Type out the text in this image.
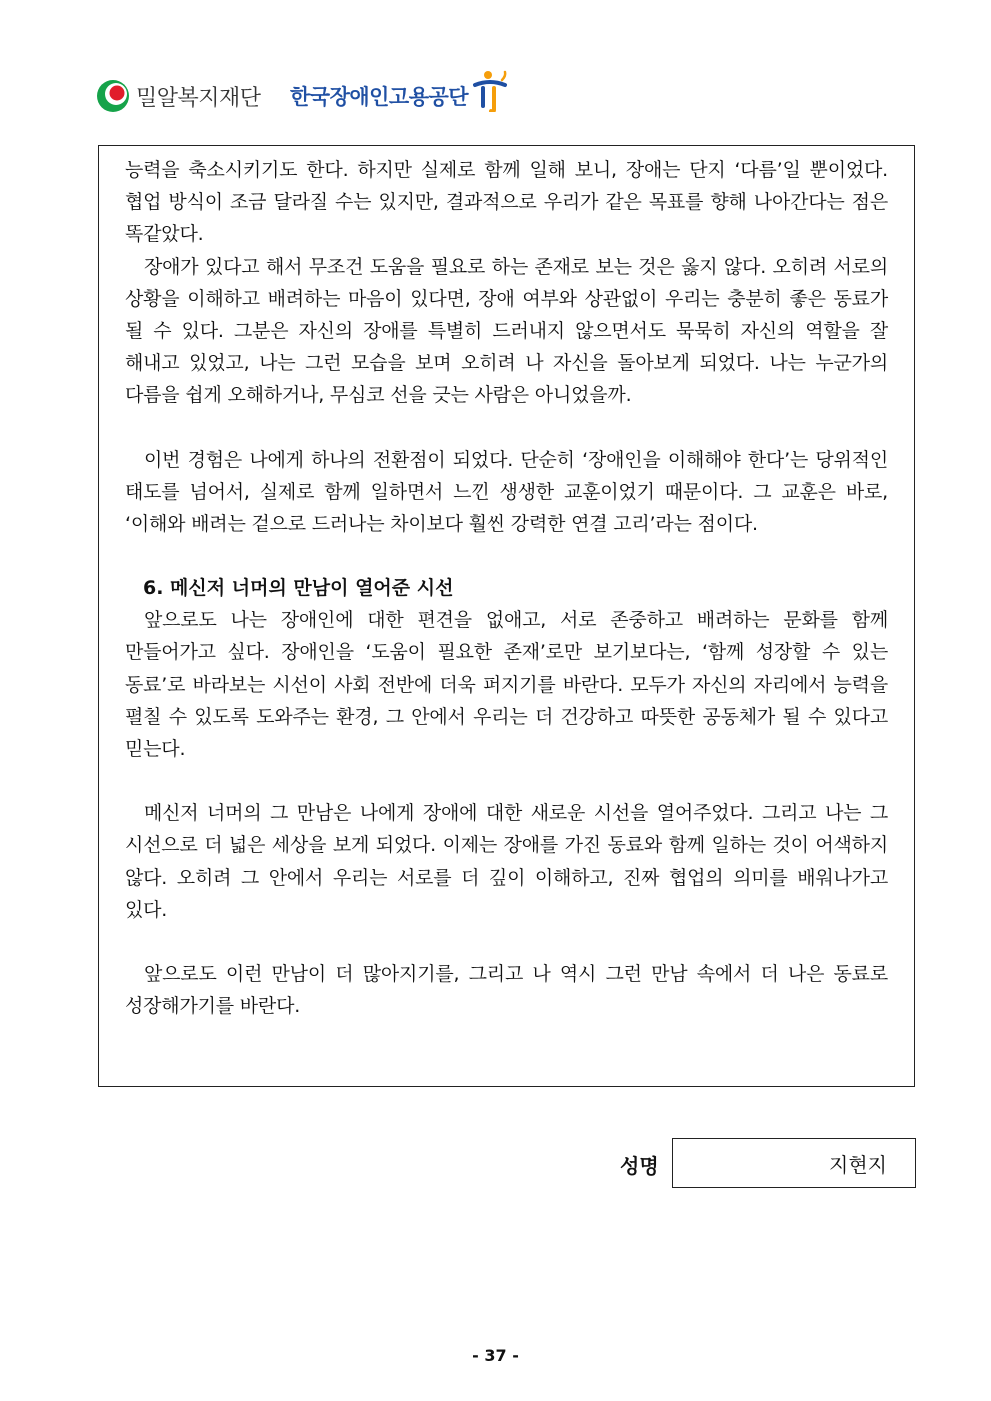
밀알복지재단 한국장애인고용공단

능력을 축소시키기도 한다. 하지만 실제로 함께 일해 보니, 장애는 단지 ‘다름’일 뿐이었다. 협업 방식이 조금 달라질 수는 있지만, 결과적으로 우리가 같은 목표를 향해 나아간다는 점은 똑같았다.

장애가 있다고 해서 무조건 도움을 필요로 하는 존재로 보는 것은 옳지 않다. 오히려 서로의 상황을 이해하고 배려하는 마음이 있다면, 장애 여부와 상관없이 우리는 충분히 좋은 동료가 될 수 있다. 그분은 자신의 장애를 특별히 드러내지 않으면서도 묵묵히 자신의 역할을 잘 해내고 있었고, 나는 그런 모습을 보며 오히려 나 자신을 돌아보게 되었다. 나는 누군가의 다름을 쉽게 오해하거나, 무심코 선을 긋는 사람은 아니었을까.

이번 경험은 나에게 하나의 전환점이 되었다. 단순히 ‘장애인을 이해해야 한다’는 당위적인 태도를 넘어서, 실제로 함께 일하면서 느낀 생생한 교훈이었기 때문이다. 그 교훈은 바로, ‘이해와 배려는 겉으로 드러나는 차이보다 훨씬 강력한 연결 고리’라는 점이다.

6. 메신저 너머의 만남이 열어준 시선

앞으로도 나는 장애인에 대한 편견을 없애고, 서로 존중하고 배려하는 문화를 함께 만들어가고 싶다. 장애인을 ‘도움이 필요한 존재’로만 보기보다는, ‘함께 성장할 수 있는 동료’로 바라보는 시선이 사회 전반에 더욱 퍼지기를 바란다. 모두가 자신의 자리에서 능력을 펼칠 수 있도록 도와주는 환경, 그 안에서 우리는 더 건강하고 따뜻한 공동체가 될 수 있다고 믿는다.

메신저 너머의 그 만남은 나에게 장애에 대한 새로운 시선을 열어주었다. 그리고 나는 그 시선으로 더 넓은 세상을 보게 되었다. 이제는 장애를 가진 동료와 함께 일하는 것이 어색하지 않다. 오히려 그 안에서 우리는 서로를 더 깊이 이해하고, 진짜 협업의 의미를 배워나가고 있다.

앞으로도 이런 만남이 더 많아지기를, 그리고 나 역시 그런 만남 속에서 더 나은 동료로 성장해가기를 바란다.

성명	지현지
- 37 -
